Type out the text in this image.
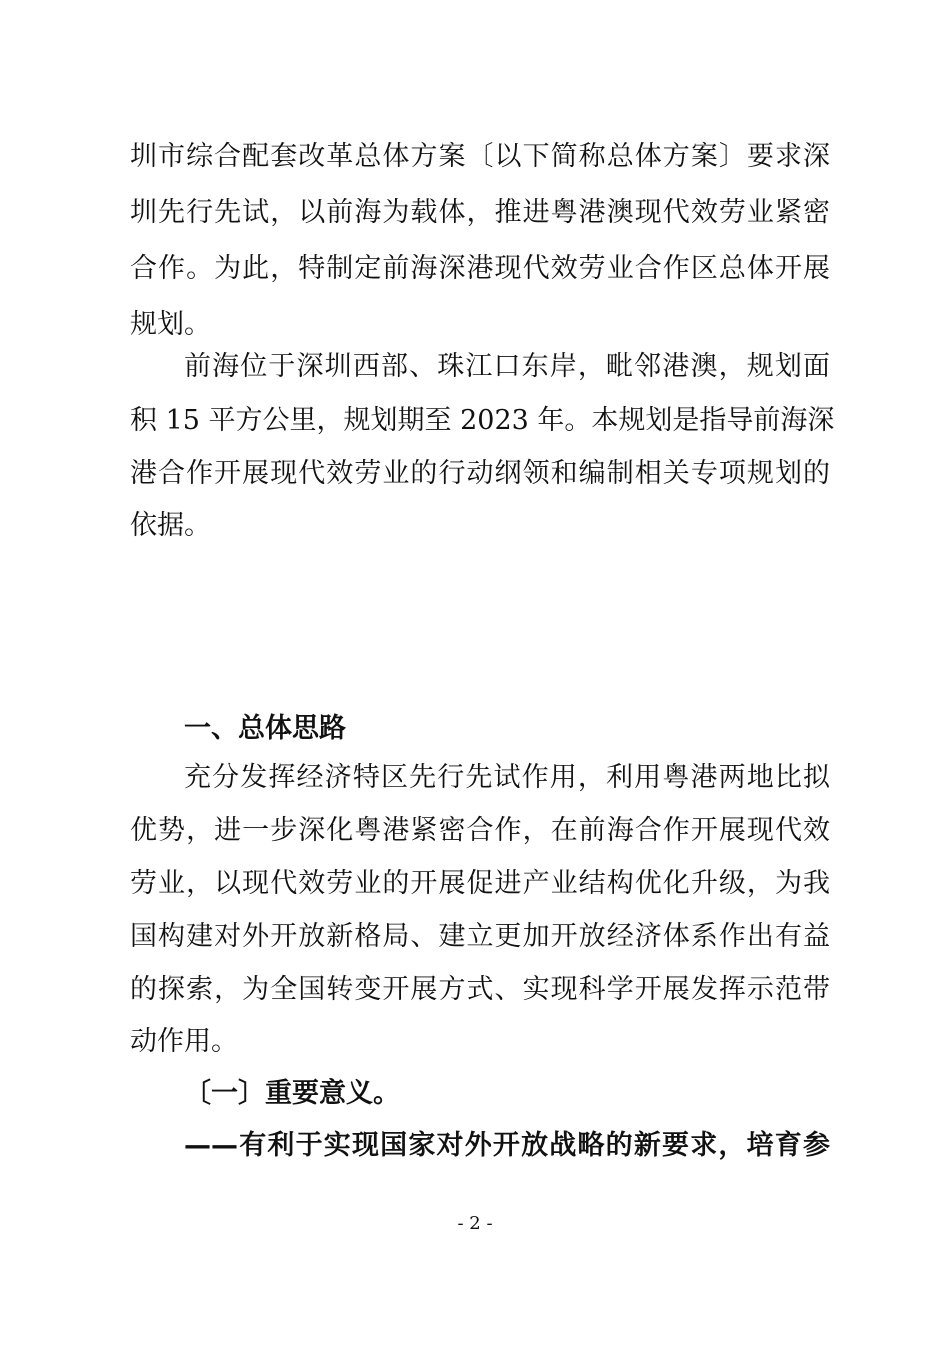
圳市综合配套改革总体方案〔以下简称总体方案〕要求深
圳先行先试，以前海为载体，推进粤港澳现代效劳业紧密
合作。为此，特制定前海深港现代效劳业合作区总体开展
规划。
前海位于深圳西部、珠江口东岸，毗邻港澳，规划面
积 15 平方公里，规划期至 2023 年。本规划是指导前海深
港合作开展现代效劳业的行动纲领和编制相关专项规划的
依据。
一、总体思路
充分发挥经济特区先行先试作用，利用粤港两地比拟
优势，进一步深化粤港紧密合作，在前海合作开展现代效
劳业，以现代效劳业的开展促进产业结构优化升级，为我
国构建对外开放新格局、建立更加开放经济体系作出有益
的探索，为全国转变开展方式、实现科学开展发挥示范带
动作用。
〔一〕重要意义。
——有利于实现国家对外开放战略的新要求，培育参
- 2 -
